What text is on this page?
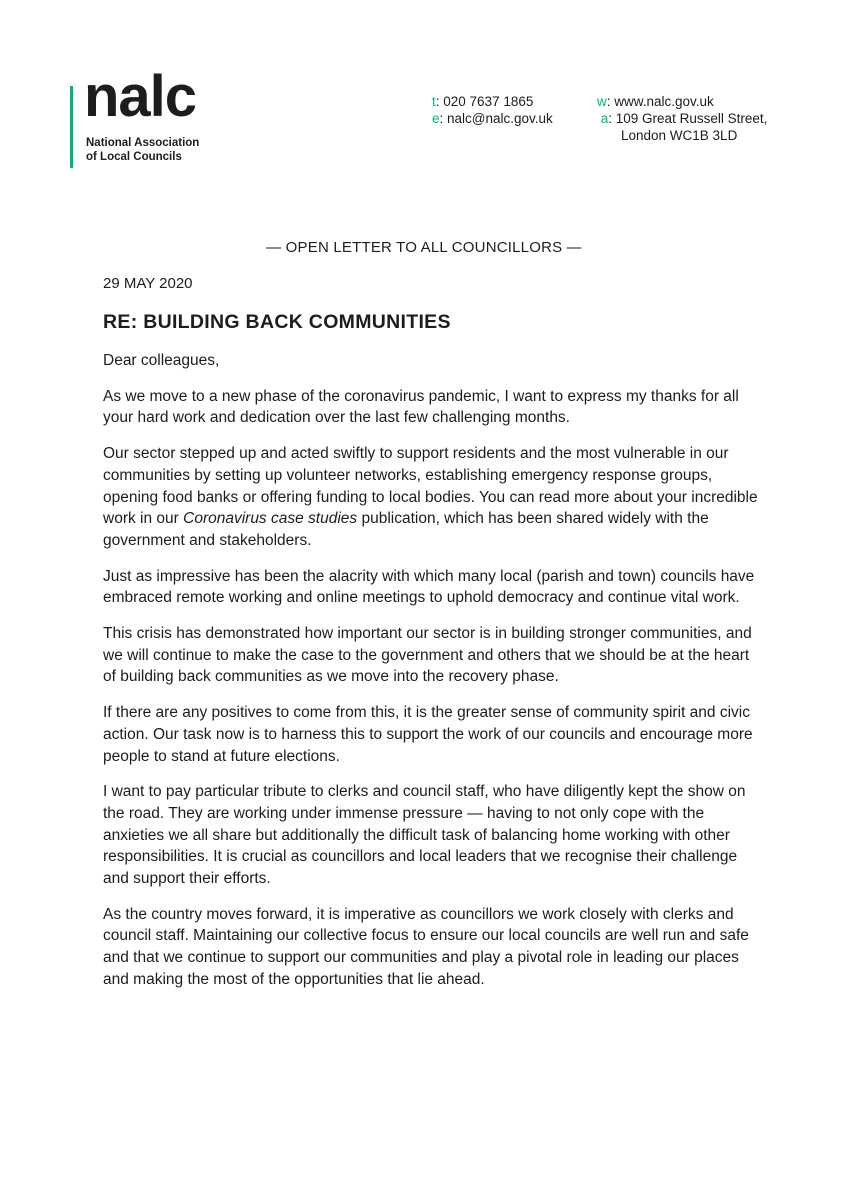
nalc
National Association
of Local Councils
t: 020 7637 1865
e: nalc@nalc.gov.uk
w: www.nalc.gov.uk
a: 109 Great Russell Street,
London WC1B 3LD
— OPEN LETTER TO ALL COUNCILLORS —
29 MAY 2020
RE: BUILDING BACK COMMUNITIES

Dear colleagues,

As we move to a new phase of the coronavirus pandemic, I want to express my thanks for all your hard work and dedication over the last few challenging months.

Our sector stepped up and acted swiftly to support residents and the most vulnerable in our communities by setting up volunteer networks, establishing emergency response groups, opening food banks or offering funding to local bodies. You can read more about your incredible work in our Coronavirus case studies publication, which has been shared widely with the government and stakeholders.

Just as impressive has been the alacrity with which many local (parish and town) councils have embraced remote working and online meetings to uphold democracy and continue vital work.

This crisis has demonstrated how important our sector is in building stronger communities, and we will continue to make the case to the government and others that we should be at the heart of building back communities as we move into the recovery phase.

If there are any positives to come from this, it is the greater sense of community spirit and civic action. Our task now is to harness this to support the work of our councils and encourage more people to stand at future elections.

I want to pay particular tribute to clerks and council staff, who have diligently kept the show on the road. They are working under immense pressure — having to not only cope with the anxieties we all share but additionally the difficult task of balancing home working with other responsibilities. It is crucial as councillors and local leaders that we recognise their challenge and support their efforts.

As the country moves forward, it is imperative as councillors we work closely with clerks and council staff. Maintaining our collective focus to ensure our local councils are well run and safe and that we continue to support our communities and play a pivotal role in leading our places and making the most of the opportunities that lie ahead.
